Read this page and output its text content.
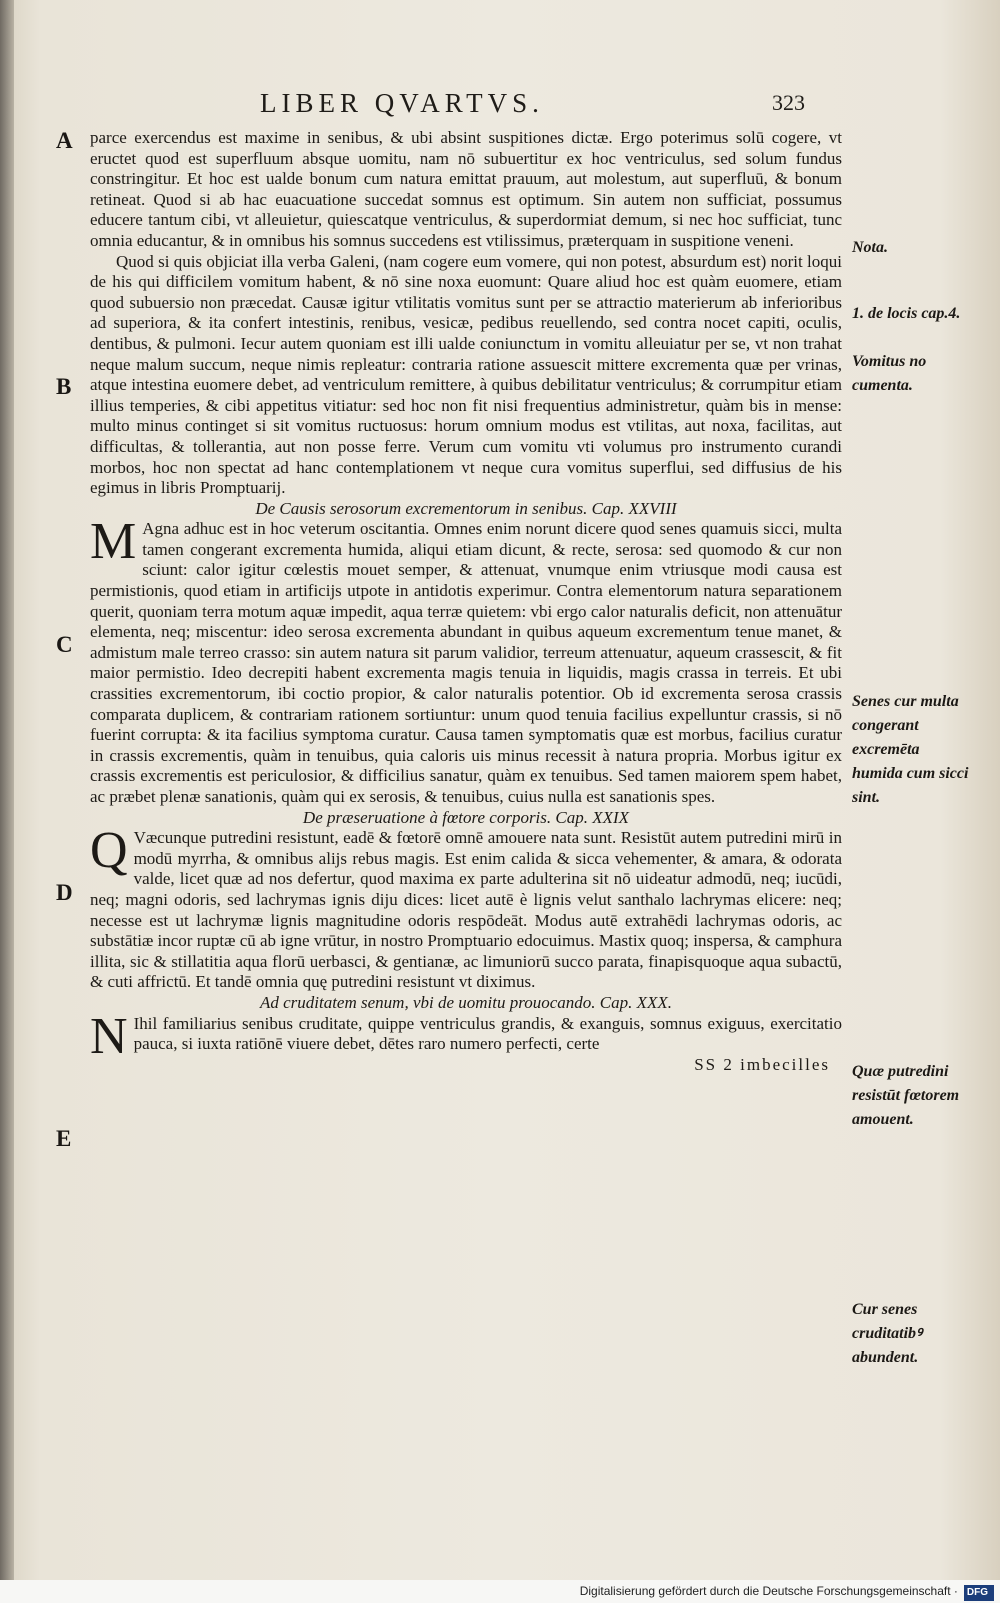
LIBER QVARTVS.	323
A
B
C
D
E

parce exercendus est maxime in senibus, & ubi absint suspitiones dictæ. Ergo poterimus solū cogere, vt eructet quod est superfluum absque uomitu, nam nō subuertitur ex hoc ventriculus, sed solum fundus constringitur. Et hoc est ualde bonum cum natura emittat prauum, aut molestum, aut superfluū, & bonum retineat. Quod si ab hac euacuatione succedat somnus est optimum. Sin autem non sufficiat, possumus educere tantum cibi, vt alleuietur, quiescatque ventriculus, & superdormiat demum, si nec hoc sufficiat, tunc omnia educantur, & in omnibus his somnus succedens est vtilissimus, præterquam in suspitione veneni.

Quod si quis objiciat illa verba Galeni, (nam cogere eum vomere, qui non potest, absurdum est) norit loqui de his qui difficilem vomitum habent, & nō sine noxa euomunt: Quare aliud hoc est quàm euomere, etiam quod subuersio non præcedat. Causæ igitur vtilitatis vomitus sunt per se attractio materierum ab inferioribus ad superiora, & ita confert intestinis, renibus, vesicæ, pedibus reuellendo, sed contra nocet capiti, oculis, dentibus, & pulmoni. Iecur autem quoniam est illi ualde coniunctum in vomitu alleuiatur per se, vt non trahat neque malum succum, neque nimis repleatur: contraria ratione assuescit mittere excrementa quæ per vrinas, atque intestina euomere debet, ad ventriculum remittere, à quibus debilitatur ventriculus; & corrumpitur etiam illius temperies, & cibi appetitus vitiatur: sed hoc non fit nisi frequentius administretur, quàm bis in mense: multo minus continget si sit vomitus ructuosus: horum omnium modus est vtilitas, aut noxa, facilitas, aut difficultas, & tollerantia, aut non posse ferre. Verum cum vomitu vti volumus pro instrumento curandi morbos, hoc non spectat ad hanc contemplationem vt neque cura vomitus superflui, sed diffusius de his egimus in libris Promptuarij.

De Causis serosorum excrementorum in senibus. Cap. XXVIII

M Agna adhuc est in hoc veterum oscitantia. Omnes enim norunt dicere quod senes quamuis sicci, multa tamen congerant excrementa humida, aliqui etiam dicunt, & recte, serosa: sed quomodo & cur non sciunt: calor igitur cœlestis mouet semper, & attenuat, vnumque enim vtriusque modi causa est permistionis, quod etiam in artificijs utpote in antidotis experimur. Contra elementorum natura separationem querit, quoniam terra motum aquæ impedit, aqua terræ quietem: vbi ergo calor naturalis deficit, non attenuātur elementa, neq; miscentur: ideo serosa excrementa abundant in quibus aqueum excrementum tenue manet, & admistum male terreo crasso: sin autem natura sit parum validior, terreum attenuatur, aqueum crassescit, & fit maior permistio. Ideo decrepiti habent excrementa magis tenuia in liquidis, magis crassa in terreis. Et ubi crassities excrementorum, ibi coctio propior, & calor naturalis potentior. Ob id excrementa serosa crassis comparata duplicem, & contrariam rationem sortiuntur: unum quod tenuia facilius expelluntur crassis, si nō fuerint corrupta: & ita facilius symptoma curatur. Causa tamen symptomatis quæ est morbus, facilius curatur in crassis excrementis, quàm in tenuibus, quia caloris uis minus recessit à natura propria. Morbus igitur ex crassis excrementis est periculosior, & difficilius sanatur, quàm ex tenuibus. Sed tamen maiorem spem habet, ac præbet plenæ sanationis, quàm qui ex serosis, & tenuibus, cuius nulla est sanationis spes.

De præseruatione à fœtore corporis. Cap. XXIX

Q Væcunque putredini resistunt, eadē & fœtorē omnē amouere nata sunt. Resistūt autem putredini mirū in modū myrrha, & omnibus alijs rebus magis. Est enim calida & sicca vehementer, & amara, & odorata valde, licet quæ ad nos defertur, quod maxima ex parte adulterina sit nō uideatur admodū, neq; iucūdi, neq; magni odoris, sed lachrymas ignis diju dices: licet autē è lignis velut santhalo lachrymas elicere: neq; necesse est ut lachrymæ lignis magnitudine odoris respōdeāt. Modus autē extrahēdi lachrymas odoris, ac substātiæ incor ruptæ cū ab igne vrūtur, in nostro Promptuario edocuimus. Mastix quoq; inspersa, & camphura illita, sic & stillatitia aqua florū uerbasci, & gentianæ, ac limuniorū succo parata, finapisquoque aqua subactū, & cuti affrictū. Et tandē omnia quę putredini resistunt vt diximus.

Ad cruditatem senum, vbi de uomitu prouocando. Cap. XXX.

N Ihil familiarius senibus cruditate, quippe ventriculus grandis, & exanguis, somnus exiguus, exercitatio pauca, si iuxta ratiōnē viuere debet, dētes raro numero perfecti, certe

SS 2 imbecilles

Nota.
1. de locis cap.4.
Vomitus no cumenta.
Senes cur multa congerant excremēta humida cum sicci sint.
Quæ putredini resistūt fœtorem amouent.
Cur senes cruditatibꝰ abundent.
Digitalisierung gefördert durch die Deutsche Forschungsgemeinschaft · DFG
